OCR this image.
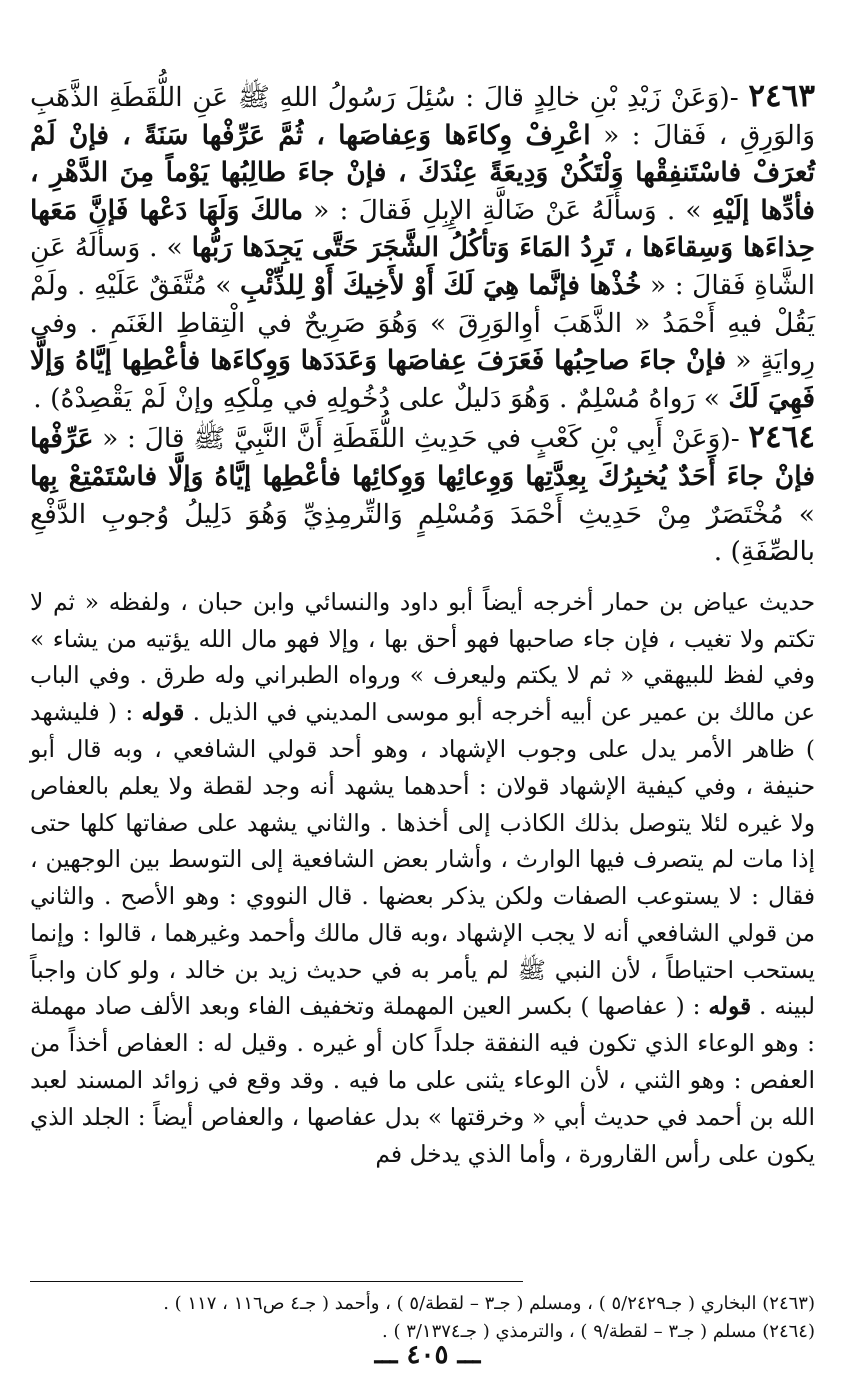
٢٤٦٣ -(وَعَنْ زَيْدِ بْنِ خالِدٍ قالَ : سُئِلَ رَسُولُ اللهِ ﷺ عَنِ اللُّقَطَةِ الذَّهَبِ وَالوَرِقِ ، فَقالَ : « اعْرِفْ وِكاءَها وَعِفاصَها ، ثُمَّ عَرِّفْها سَنَةً ، فإنْ لَمْ تُعرَفْ فاسْتَنفِقْها وَلْتَكُنْ وَدِيعَةً عِنْدَكَ ، فإنْ جاءَ طالِبُها يَوْماً مِنَ الدَّهْرِ ، فأدِّها إلَيْهِ » . وَسأَلَهُ عَنْ ضَالَّةِ الإِبِلِ فَقالَ : « مالكَ وَلَهَا دَعْها فَإنَّ مَعَها حِذاءَها وَسِقاءَها ، تَرِدُ المَاءَ وَتأكُلُ الشَّجَرَ حَتَّى يَجِدَها رَبُّها » . وَسأَلَهُ عَنِ الشَّاةِ فَقالَ : « خُذْها فإنَّما هِيَ لَكَ أَوْ لأَخِيكَ أَوْ لِلذِّئْبِ » مُتَّفَقٌ عَلَيْهِ . ولَمْ يَقُلْ فيهِ أَحْمَدُ « الذَّهَبَ أوِالوَرِقَ » وَهُوَ صَرِيحٌ في الْتِقاطِ الغَنَمِ . وفي رِوايَةٍ « فإنْ جاءَ صاحِبُها فَعَرَفَ عِفاصَها وَعَدَدَها وَوِكاءَها فأعْطِها إيَّاهُ وَإلَّا فَهِيَ لَكَ » رَواهُ مُسْلِمٌ . وَهُوَ دَليلٌ على دُخُولِهِ في مِلْكِهِ وإنْ لَمْ يَقْصِدْهُ) .

٢٤٦٤ -(وَعَنْ أَبِي بْنِ كَعْبٍ في حَدِيثِ اللُّقَطَةِ أَنَّ النَّبِيَّ ﷺ قالَ : « عَرِّفْها فإنْ جاءَ أَحَدٌ يُخبِرُكَ بِعِدَّتِها وَوِعائِها وَوِكائِها فأعْطِها إيَّاهُ وَإلَّا فاسْتَمْتِعْ بِها » مُخْتَصَرٌ مِنْ حَدِيثِ أَحْمَدَ وَمُسْلِمٍ وَالتِّرمِذِيِّ وَهُوَ دَلِيلُ وُجوبِ الدَّفْعِ بالصِّفَةِ) .

حديث عياض بن حمار أخرجه أيضاً أبو داود والنسائي وابن حبان ، ولفظه « ثم لا تكتم ولا تغيب ، فإن جاء صاحبها فهو أحق بها ، وإلا فهو مال الله يؤتيه من يشاء » وفي لفظ للبيهقي « ثم لا يكتم وليعرف » ورواه الطبراني وله طرق . وفي الباب عن مالك بن عمير عن أبيه أخرجه أبو موسى المديني في الذيل . قوله : ( فليشهد ) ظاهر الأمر يدل على وجوب الإشهاد ، وهو أحد قولي الشافعي ، وبه قال أبو حنيفة ، وفي كيفية الإشهاد قولان : أحدهما يشهد أنه وجد لقطة ولا يعلم بالعفاص ولا غيره لئلا يتوصل بذلك الكاذب إلى أخذها . والثاني يشهد على صفاتها كلها حتى إذا مات لم يتصرف فيها الوارث ، وأشار بعض الشافعية إلى التوسط بين الوجهين ، فقال : لا يستوعب الصفات ولكن يذكر بعضها . قال النووي : وهو الأصح . والثاني من قولي الشافعي أنه لا يجب الإشهاد ،وبه قال مالك وأحمد وغيرهما ، قالوا : وإنما يستحب احتياطاً ، لأن النبي ﷺ لم يأمر به في حديث زيد بن خالد ، ولو كان واجباً لبينه . قوله : ( عفاصها ) بكسر العين المهملة وتخفيف الفاء وبعد الألف صاد مهملة : وهو الوعاء الذي تكون فيه النفقة جلداً كان أو غيره . وقيل له : العفاص أخذاً من العفص : وهو الثني ، لأن الوعاء يثنى على ما فيه . وقد وقع في زوائد المسند لعبد الله بن أحمد في حديث أبي « وخرقتها » بدل عفاصها ، والعفاص أيضاً : الجلد الذي يكون على رأس القارورة ، وأما الذي يدخل فم

(٢٤٦٣) البخاري ( جـ٥/٢٤٢٩ ) ، ومسلم ( جـ٣ – لقطة/٥ ) ، وأحمد ( جـ٤ ص١١٦ ، ١١٧ ) .
(٢٤٦٤) مسلم ( جـ٣ – لقطة/٩ ) ، والترمذي ( جـ٣/١٣٧٤ ) .
ـــ ٤٠٥ ـــ
